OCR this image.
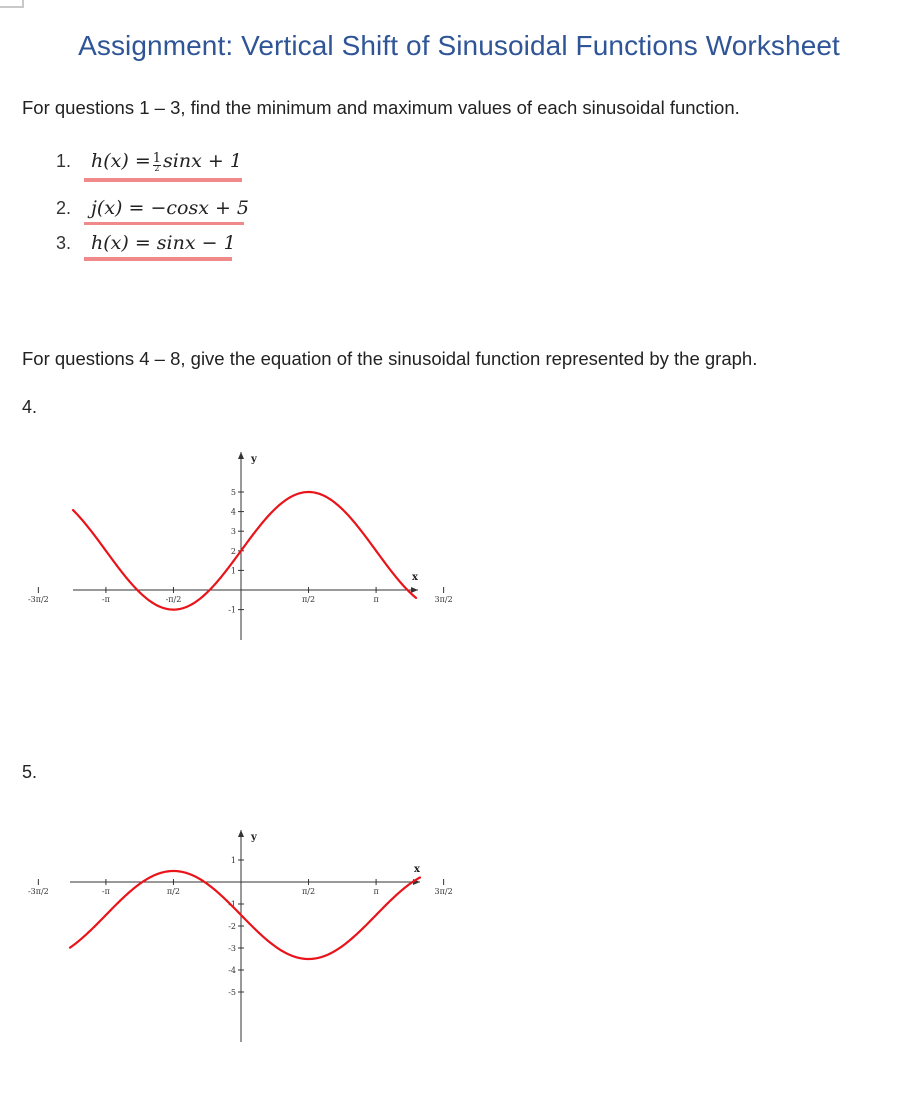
Assignment: Vertical Shift of Sinusoidal Functions Worksheet
For questions 1 – 3, find the minimum and maximum values of each sinusoidal function.
1. $h(x) = \frac{1}{2}$ sinx + 1
2. j(x) = −cosx + 5
3. h(x) = sinx − 1
For questions 4 – 8, give the equation of the sinusoidal function represented by the graph.
4.
x
y
-3π/2	-π	-π/2	π/2	π	3π/2
5
4
3
2
1
-1
5.
x
y
-3π/2	-π	π/2	π/2	π	3π/2
1
-1
-2
-3
-4
-5
